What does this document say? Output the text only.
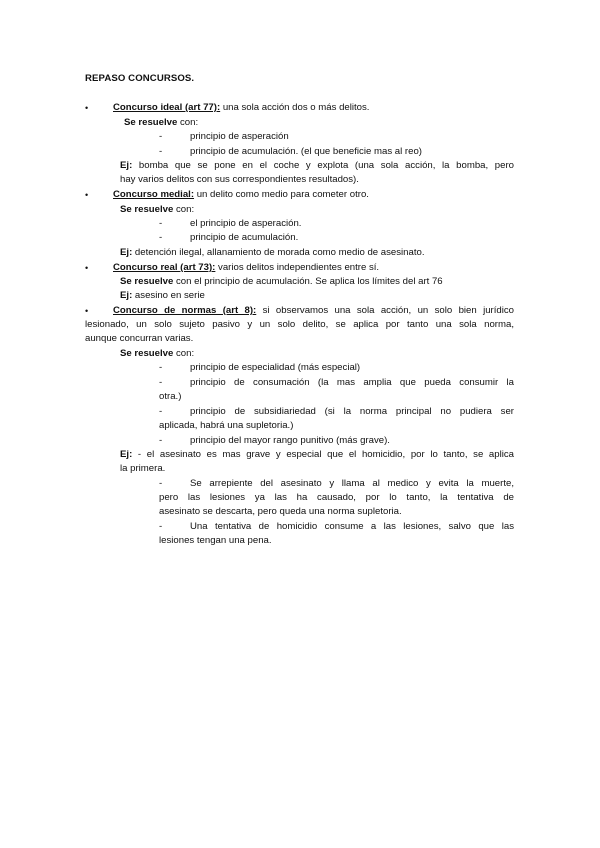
REPASO CONCURSOS.
•	Concurso ideal (art 77): una sola acción dos o más delitos.
Se resuelve con:
-	principio de asperación
-	principio de acumulación. (el que beneficie mas al reo)
Ej: bomba que se pone en el coche y explota (una sola acción, la bomba, pero
hay varios delitos con sus correspondientes resultados).
•	Concurso medial: un delito como medio para cometer otro.
Se resuelve con:
-	el principio de asperación.
-	principio de acumulación.
Ej: detención ilegal, allanamiento de morada como medio de asesinato.
•	Concurso real (art 73): varios delitos independientes entre sí.
Se resuelve con el principio de acumulación. Se aplica los límites del art 76
Ej: asesino en serie
•	Concurso de normas (art 8): si observamos una sola acción, un solo bien jurídico
lesionado, un solo sujeto pasivo y un solo delito, se aplica por tanto una sola norma,
aunque concurran varias.
Se resuelve con:
-	principio de especialidad (más especial)
-	principio de consumación (la mas amplia que pueda consumir la
otra.)
-	principio de subsidiariedad (si la norma principal no pudiera ser
aplicada, habrá una supletoria.)
-	principio del mayor rango punitivo (más grave).
Ej: - el asesinato es mas grave y especial que el homicidio, por lo tanto, se aplica
la primera.
-	Se arrepiente del asesinato y llama al medico y evita la muerte,
pero las lesiones ya las ha causado, por lo tanto, la tentativa de
asesinato se descarta, pero queda una norma supletoria.
-	Una tentativa de homicidio consume a las lesiones, salvo que las
lesiones tengan una pena.
